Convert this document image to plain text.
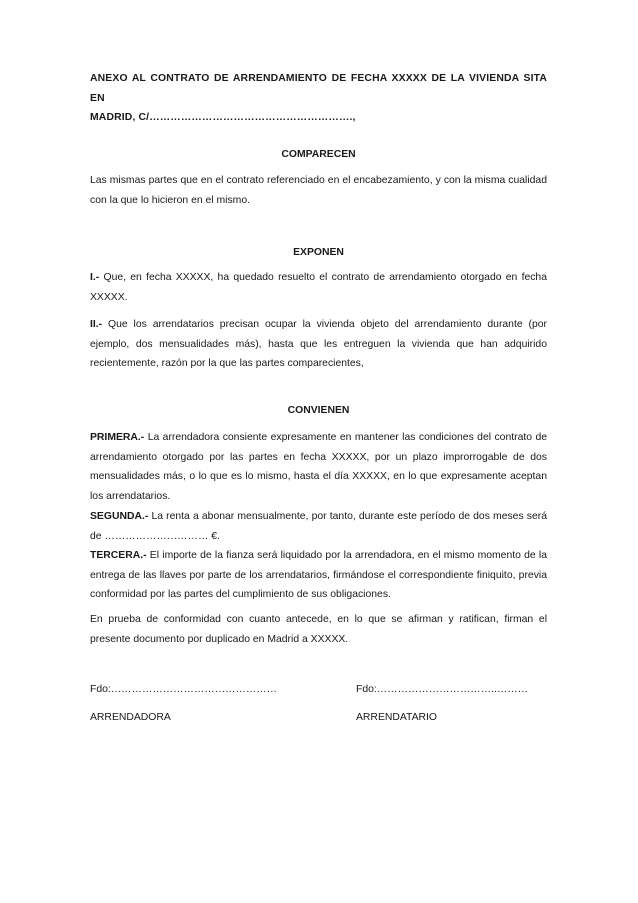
ANEXO AL CONTRATO DE ARRENDAMIENTO DE FECHA XXXXX DE LA VIVIENDA SITA EN
MADRID, C/………………………………………………….,
COMPARECEN
Las mismas partes que en el contrato referenciado en el encabezamiento, y con la misma cualidad con la que lo hicieron en el mismo.
EXPONEN
I.- Que, en fecha XXXXX, ha quedado resuelto el contrato de arrendamiento otorgado en fecha XXXXX.
II.- Que los arrendatarios precisan ocupar la vivienda objeto del arrendamiento durante (por ejemplo, dos mensualidades más), hasta que les entreguen la vivienda que han adquirido recientemente, razón por la que las partes comparecientes,
CONVIENEN
PRIMERA.- La arrendadora consiente expresamente en mantener las condiciones del contrato de arrendamiento otorgado por las partes en fecha XXXXX, por un plazo improrrogable de dos mensualidades más, o lo que es lo mismo, hasta el día XXXXX, en lo que expresamente aceptan los arrendatarios.
SEGUNDA.- La renta a abonar mensualmente, por tanto, durante este período de dos meses será de ………………………… €.
TERCERA.- El importe de la fianza será liquidado por la arrendadora, en el mismo momento de la entrega de las llaves por parte de los arrendatarios, firmándose el correspondiente finiquito, previa conformidad por las partes del cumplimiento de sus obligaciones.
En prueba de conformidad con cuanto antecede, en lo que se afirman y ratifican, firman el presente documento por duplicado en Madrid a XXXXX.
Fdo:…………………………………………	Fdo:……………………………..………
ARRENDADORA	ARRENDATARIO
